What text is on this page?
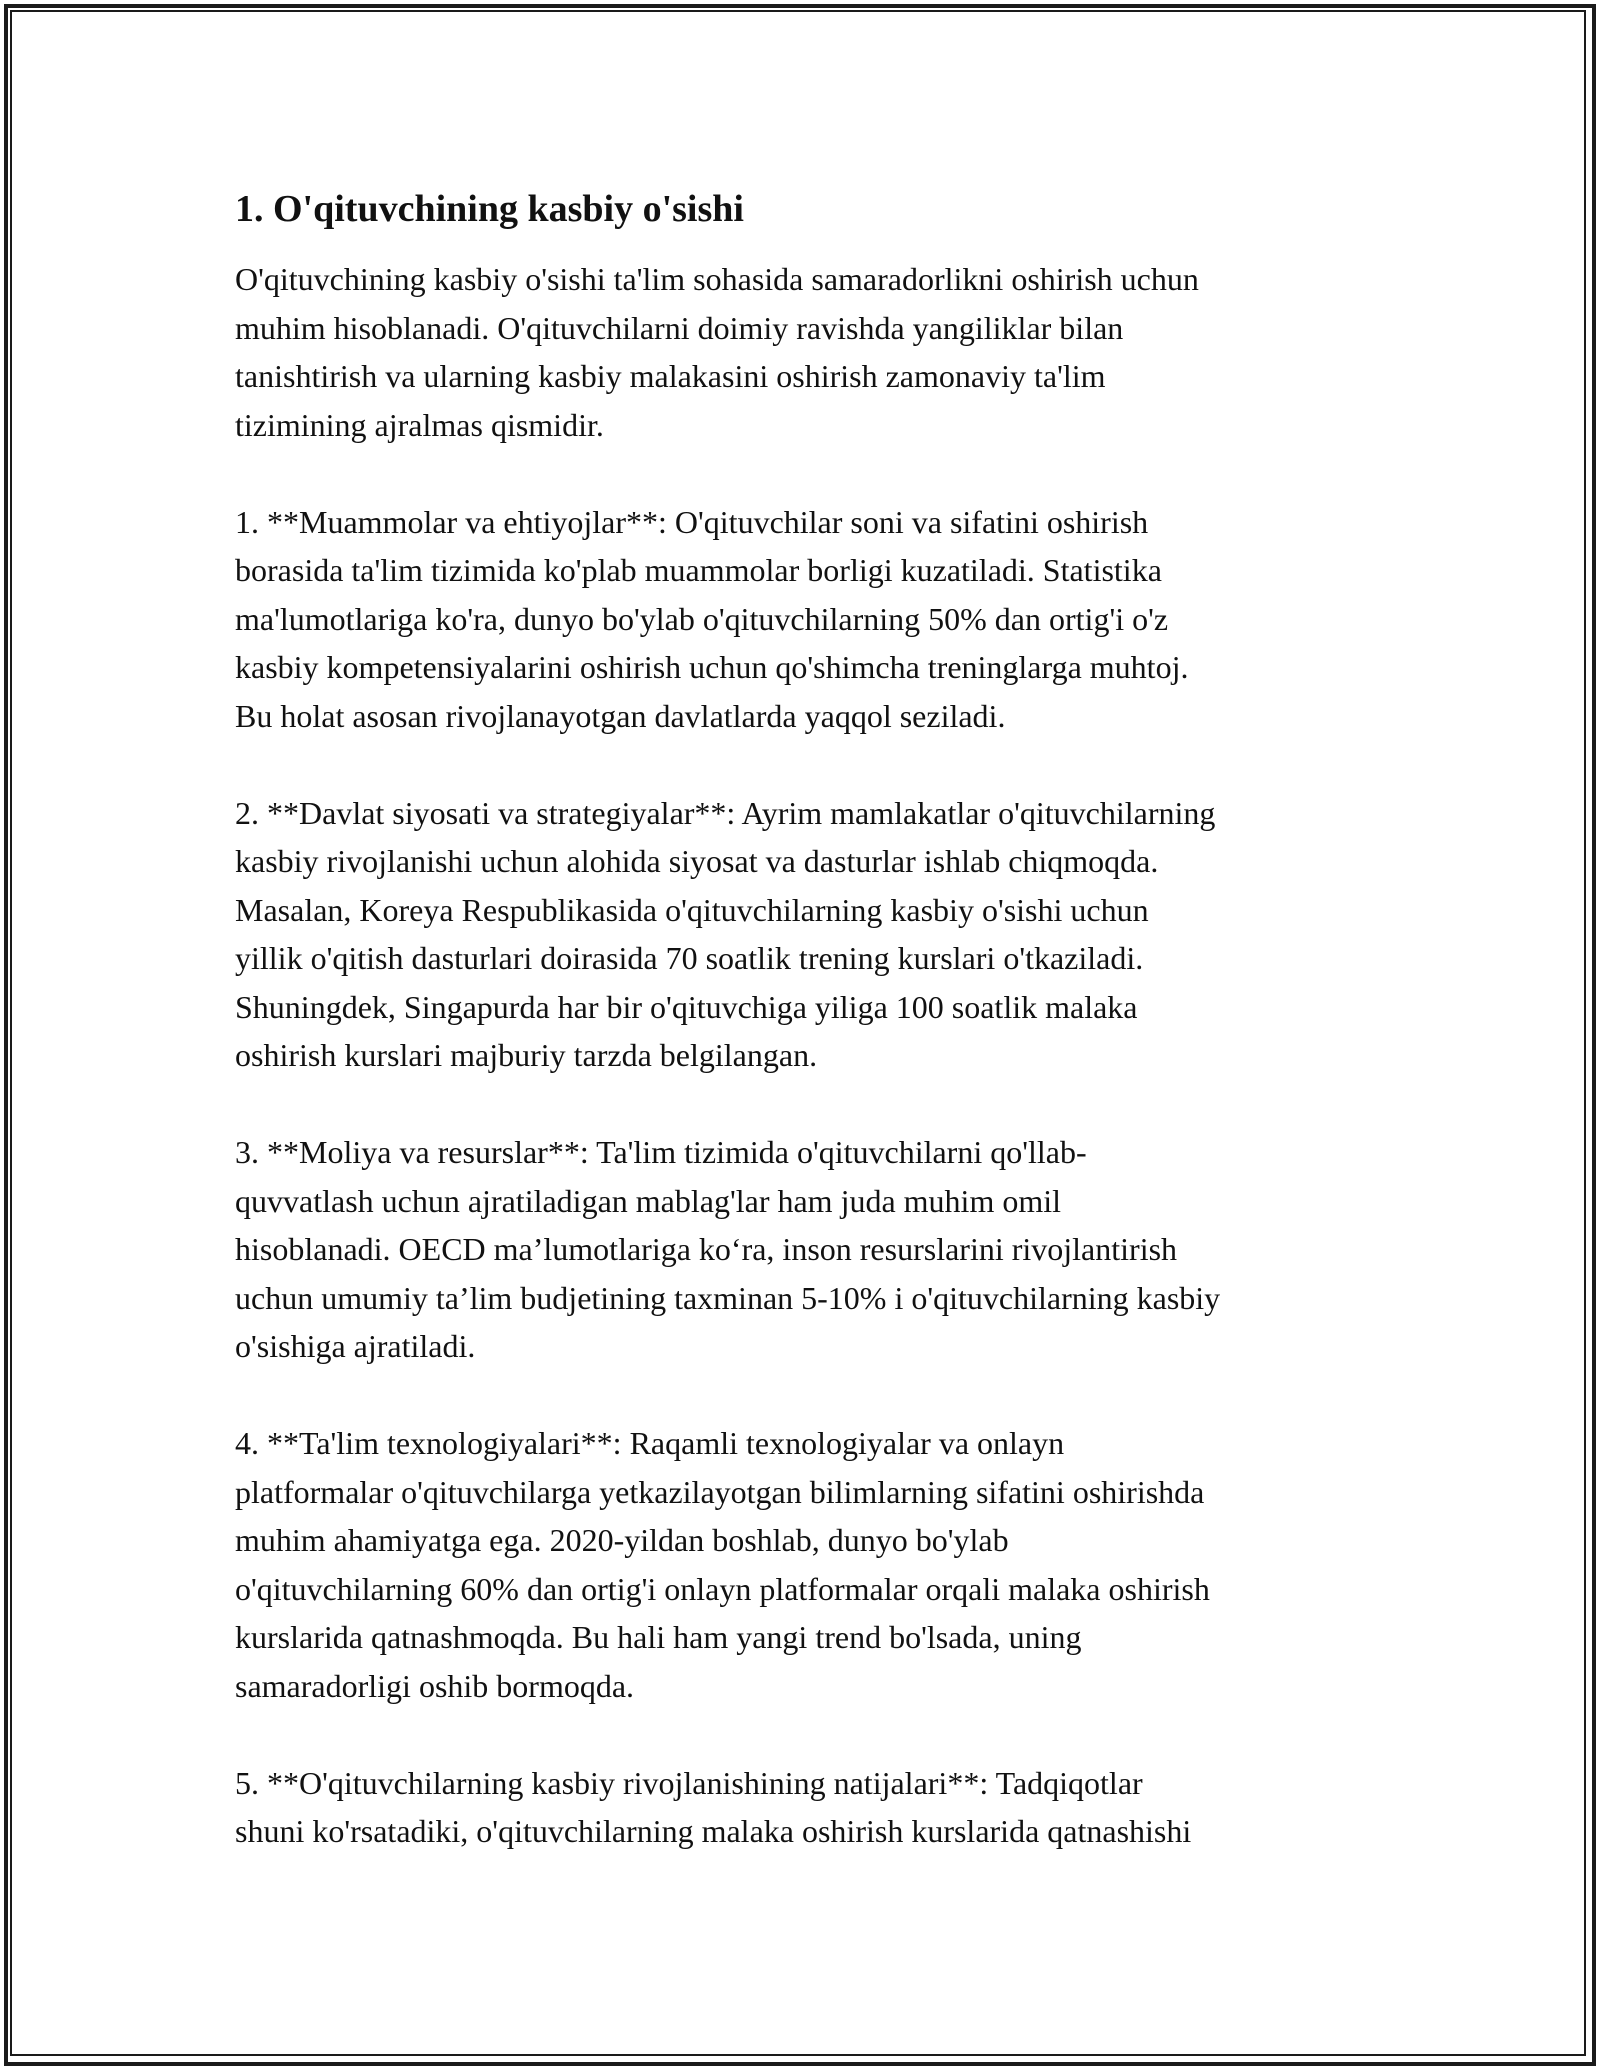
1. O'qituvchining kasbiy o'sishi

O'qituvchining kasbiy o'sishi ta'lim sohasida samaradorlikni oshirish uchun
muhim hisoblanadi. O'qituvchilarni doimiy ravishda yangiliklar bilan
tanishtirish va ularning kasbiy malakasini oshirish zamonaviy ta'lim
tizimining ajralmas qismidir.

1. **Muammolar va ehtiyojlar**: O'qituvchilar soni va sifatini oshirish
borasida ta'lim tizimida ko'plab muammolar borligi kuzatiladi. Statistika
ma'lumotlariga ko'ra, dunyo bo'ylab o'qituvchilarning 50% dan ortig'i o'z
kasbiy kompetensiyalarini oshirish uchun qo'shimcha treninglarga muhtoj.
Bu holat asosan rivojlanayotgan davlatlarda yaqqol seziladi.

2. **Davlat siyosati va strategiyalar**: Ayrim mamlakatlar o'qituvchilarning
kasbiy rivojlanishi uchun alohida siyosat va dasturlar ishlab chiqmoqda.
Masalan, Koreya Respublikasida o'qituvchilarning kasbiy o'sishi uchun
yillik o'qitish dasturlari doirasida 70 soatlik trening kurslari o'tkaziladi.
Shuningdek, Singapurda har bir o'qituvchiga yiliga 100 soatlik malaka
oshirish kurslari majburiy tarzda belgilangan.

3. **Moliya va resurslar**: Ta'lim tizimida o'qituvchilarni qo'llab-
quvvatlash uchun ajratiladigan mablag'lar ham juda muhim omil
hisoblanadi. OECD ma’lumotlariga ko‘ra, inson resurslarini rivojlantirish
uchun umumiy ta’lim budjetining taxminan 5-10% i o'qituvchilarning kasbiy
o'sishiga ajratiladi.

4. **Ta'lim texnologiyalari**: Raqamli texnologiyalar va onlayn
platformalar o'qituvchilarga yetkazilayotgan bilimlarning sifatini oshirishda
muhim ahamiyatga ega. 2020-yildan boshlab, dunyo bo'ylab
o'qituvchilarning 60% dan ortig'i onlayn platformalar orqali malaka oshirish
kurslarida qatnashmoqda. Bu hali ham yangi trend bo'lsada, uning
samaradorligi oshib bormoqda.

5. **O'qituvchilarning kasbiy rivojlanishining natijalari**: Tadqiqotlar
shuni ko'rsatadiki, o'qituvchilarning malaka oshirish kurslarida qatnashishi
